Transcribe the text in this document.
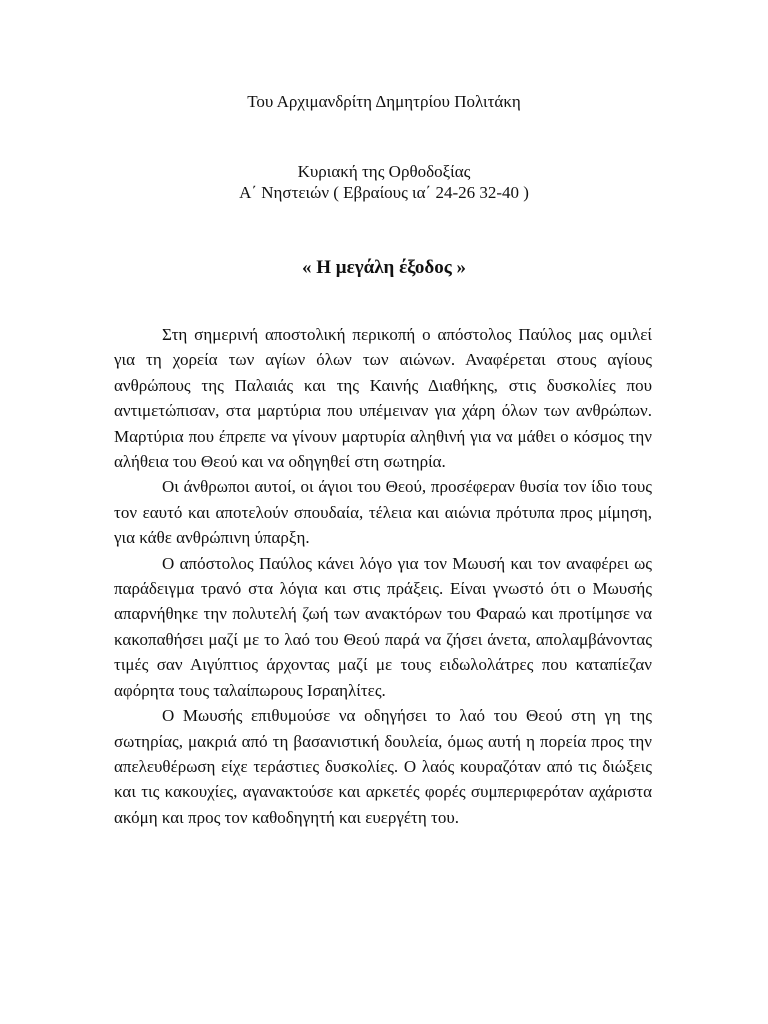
Του Αρχιμανδρίτη Δημητρίου Πολιτάκη
Κυριακή της Ορθοδοξίας
Α΄ Νηστειών ( Εβραίους ια΄ 24-26 32-40 )
« Η μεγάλη έξοδος »

Στη σημερινή αποστολική περικοπή ο απόστολος Παύλος μας ομιλεί για τη χορεία των αγίων όλων των αιώνων. Αναφέρεται στους αγίους ανθρώπους της Παλαιάς και της Καινής Διαθήκης, στις δυσκολίες που αντιμετώπισαν, στα μαρτύρια που υπέμειναν για χάρη όλων των ανθρώπων. Μαρτύρια που έπρεπε να γίνουν μαρτυρία αληθινή για να μάθει ο κόσμος την αλήθεια του Θεού και να οδηγηθεί στη σωτηρία.

Οι άνθρωποι αυτοί, οι άγιοι του Θεού, προσέφεραν θυσία τον ίδιο τους τον εαυτό και αποτελούν σπουδαία, τέλεια και αιώνια πρότυπα προς μίμηση, για κάθε ανθρώπινη ύπαρξη.

Ο απόστολος Παύλος κάνει λόγο για τον Μωυσή και τον αναφέρει ως παράδειγμα τρανό στα λόγια και στις πράξεις. Είναι γνωστό ότι ο Μωυσής απαρνήθηκε την πολυτελή ζωή των ανακτόρων του Φαραώ και προτίμησε να κακοπαθήσει μαζί με το λαό του Θεού παρά να ζήσει άνετα, απολαμβάνοντας τιμές σαν Αιγύπτιος άρχοντας μαζί με τους ειδωλολάτρες που καταπίεζαν αφόρητα τους ταλαίπωρους Ισραηλίτες.

Ο Μωυσής επιθυμούσε να οδηγήσει το λαό του Θεού στη γη της σωτηρίας, μακριά από τη βασανιστική δουλεία, όμως αυτή η πορεία προς την απελευθέρωση είχε τεράστιες δυσκολίες. Ο λαός κουραζόταν από τις διώξεις και τις κακουχίες, αγανακτούσε και αρκετές φορές συμπεριφερόταν αχάριστα ακόμη και προς τον καθοδηγητή και ευεργέτη του.
